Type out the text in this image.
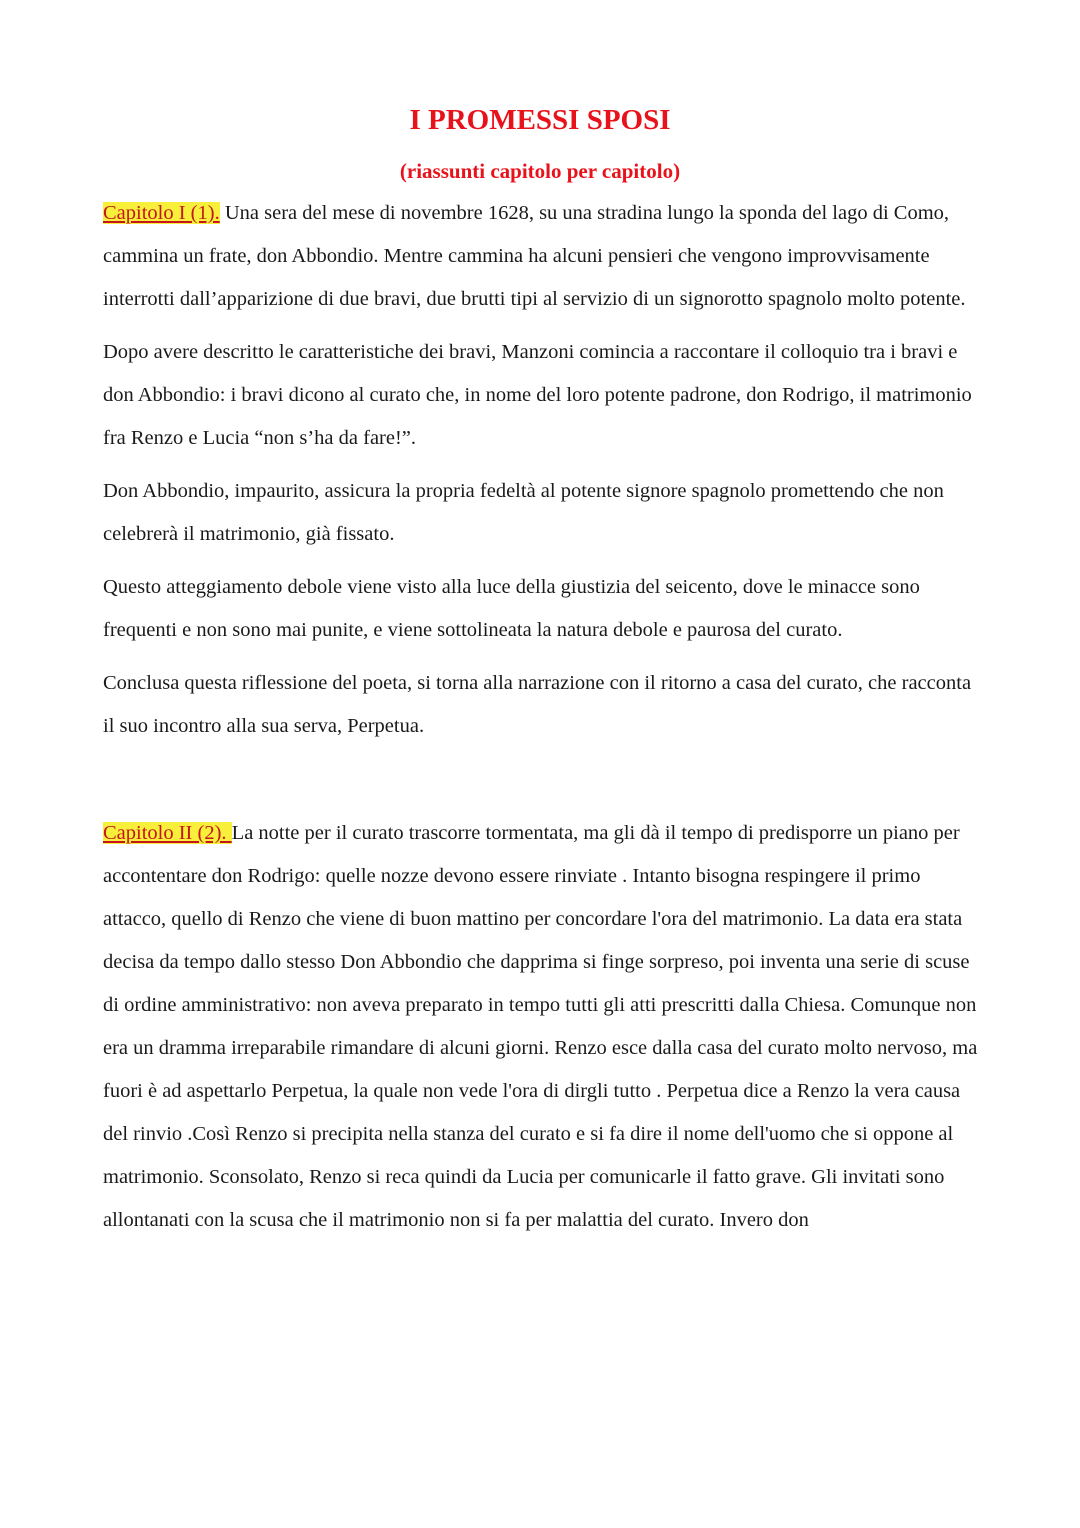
I PROMESSI SPOSI
(riassunti capitolo per capitolo)

Capitolo I (1). Una sera del mese di novembre 1628, su una stradina lungo la sponda del lago di Como, cammina un frate, don Abbondio. Mentre cammina ha alcuni pensieri che vengono improvvisamente interrotti dall’apparizione di due bravi, due brutti tipi al servizio di un signorotto spagnolo molto potente.

Dopo avere descritto le caratteristiche dei bravi, Manzoni comincia a raccontare il colloquio tra i bravi e don Abbondio: i bravi dicono al curato che, in nome del loro potente padrone, don Rodrigo, il matrimonio fra Renzo e Lucia “non s’ha da fare!”.

Don Abbondio, impaurito, assicura la propria fedeltà al potente signore spagnolo promettendo che non celebrerà il matrimonio, già fissato.

Questo atteggiamento debole viene visto alla luce della giustizia del seicento, dove le minacce sono frequenti e non sono mai punite, e viene sottolineata la natura debole e paurosa del curato.

Conclusa questa riflessione del poeta, si torna alla narrazione con il ritorno a casa del curato, che racconta il suo incontro alla sua serva, Perpetua.

Capitolo II (2). La notte per il curato trascorre tormentata, ma gli dà il tempo di predisporre un piano per accontentare don Rodrigo: quelle nozze devono essere rinviate . Intanto bisogna respingere il primo attacco, quello di Renzo che viene di buon mattino per concordare l'ora del matrimonio. La data era stata decisa da tempo dallo stesso Don Abbondio che dapprima si finge sorpreso, poi inventa una serie di scuse di ordine amministrativo: non aveva preparato in tempo tutti gli atti prescritti dalla Chiesa. Comunque non era un dramma irreparabile rimandare di alcuni giorni. Renzo esce dalla casa del curato molto nervoso, ma fuori è ad aspettarlo Perpetua, la quale non vede l'ora di dirgli tutto . Perpetua dice a Renzo la vera causa del rinvio .Così Renzo si precipita nella stanza del curato e si fa dire il nome dell'uomo che si oppone al matrimonio. Sconsolato, Renzo si reca quindi da Lucia per comunicarle il fatto grave. Gli invitati sono allontanati con la scusa che il matrimonio non si fa per malattia del curato. Invero don
